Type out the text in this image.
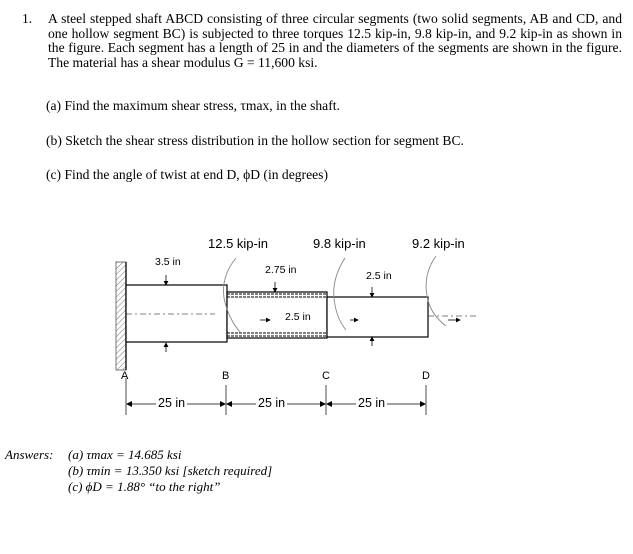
1. A steel stepped shaft ABCD consisting of three circular segments (two solid segments, AB and CD, and one hollow segment BC) is subjected to three torques 12.5 kip-in, 9.8 kip-in, and 9.2 kip-in as shown in the figure. Each segment has a length of 25 in and the diameters of the segments are shown in the figure. The material has a shear modulus G = 11,600 ksi.
(a) Find the maximum shear stress, τmax, in the shaft.
(b) Sketch the shear stress distribution in the hollow section for segment BC.
(c) Find the angle of twist at end D, ϕD (in degrees)
12.5 kip-in	9.8 kip-in	9.2 kip-in
3.5 in
2.75 in
2.5 in
2.5 in
A	B	C	D
25 in	25 in	25 in
Answers: (a) τmax = 14.685 ksi
(b) τmin = 13.350 ksi [sketch required]
(c) ϕD = 1.88° “to the right”
